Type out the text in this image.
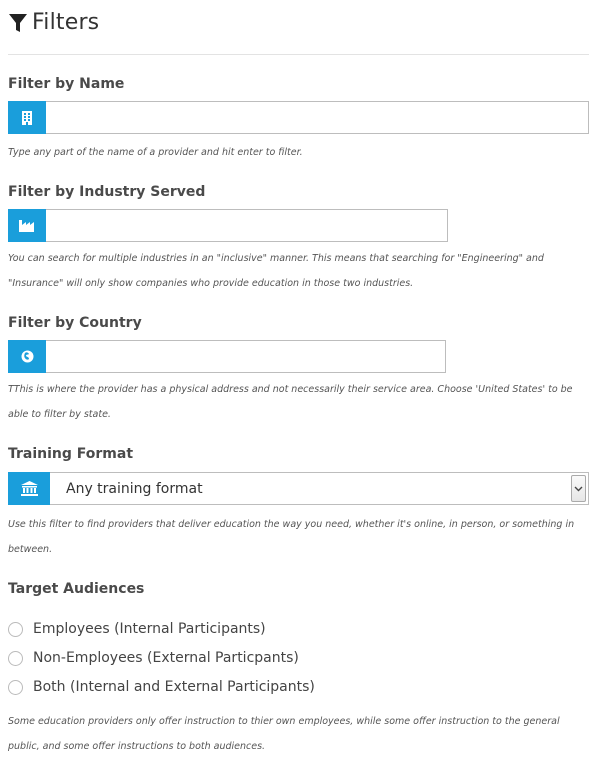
Filters
Filter by Name
Type any part of the name of a provider and hit enter to filter.
Filter by Industry Served
You can search for multiple industries in an "inclusive" manner. This means that searching for "Engineering" and
"Insurance" will only show companies who provide education in those two industries.
Filter by Country
TThis is where the provider has a physical address and not necessarily their service area. Choose 'United States' to be
able to filter by state.
Training Format
Any training format
Use this filter to find providers that deliver education the way you need, whether it's online, in person, or something in
between.
Target Audiences
Employees (Internal Participants)
Non-Employees (External Particpants)
Both (Internal and External Participants)
Some education providers only offer instruction to thier own employees, while some offer instruction to the general
public, and some offer instructions to both audiences.
